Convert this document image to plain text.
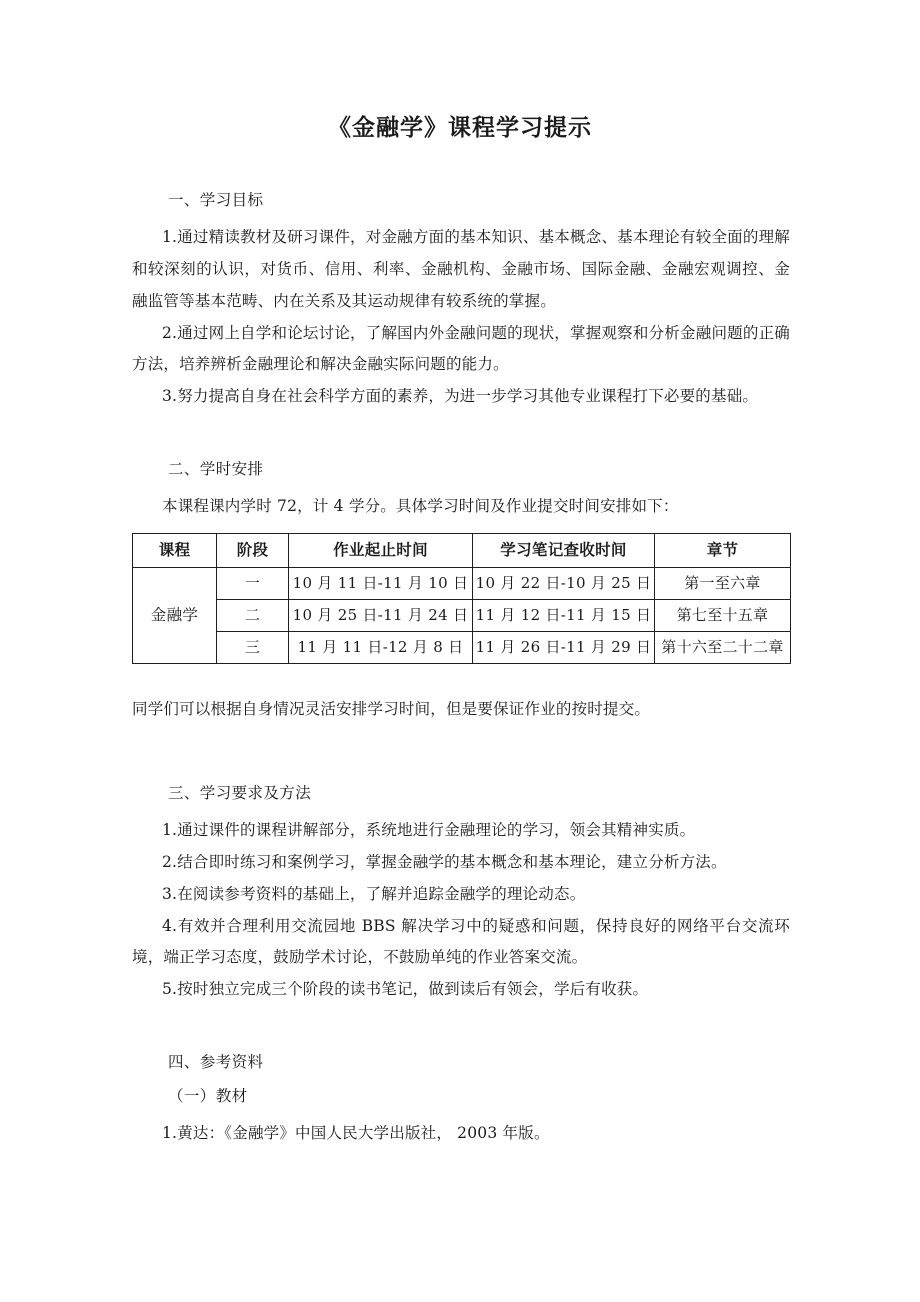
《金融学》课程学习提示
一、学习目标

1.通过精读教材及研习课件，对金融方面的基本知识、基本概念、基本理论有较全面的理解和较深刻的认识，对货币、信用、利率、金融机构、金融市场、国际金融、金融宏观调控、金融监管等基本范畴、内在关系及其运动规律有较系统的掌握。

2.通过网上自学和论坛讨论，了解国内外金融问题的现状，掌握观察和分析金融问题的正确方法，培养辨析金融理论和解决金融实际问题的能力。

3.努力提高自身在社会科学方面的素养，为进一步学习其他专业课程打下必要的基础。

二、学时安排

本课程课内学时 72，计 4 学分。具体学习时间及作业提交时间安排如下：

课程	阶段	作业起止时间	学习笔记查收时间	章节
金融学	一	10 月 11 日-11 月 10 日	10 月 22 日-10 月 25 日	第一至六章
	二	10 月 25 日-11 月 24 日	11 月 12 日-11 月 15 日	第七至十五章
	三	11 月 11 日-12 月 8 日	11 月 26 日-11 月 29 日	第十六至二十二章

同学们可以根据自身情况灵活安排学习时间，但是要保证作业的按时提交。

三、学习要求及方法

1.通过课件的课程讲解部分，系统地进行金融理论的学习，领会其精神实质。

2.结合即时练习和案例学习，掌握金融学的基本概念和基本理论，建立分析方法。

3.在阅读参考资料的基础上，了解并追踪金融学的理论动态。

4.有效并合理利用交流园地 BBS 解决学习中的疑惑和问题，保持良好的网络平台交流环境，端正学习态度，鼓励学术讨论，不鼓励单纯的作业答案交流。

5.按时独立完成三个阶段的读书笔记，做到读后有领会，学后有收获。

四、参考资料
（一）教材

1.黄达：《金融学》中国人民大学出版社， 2003 年版。
